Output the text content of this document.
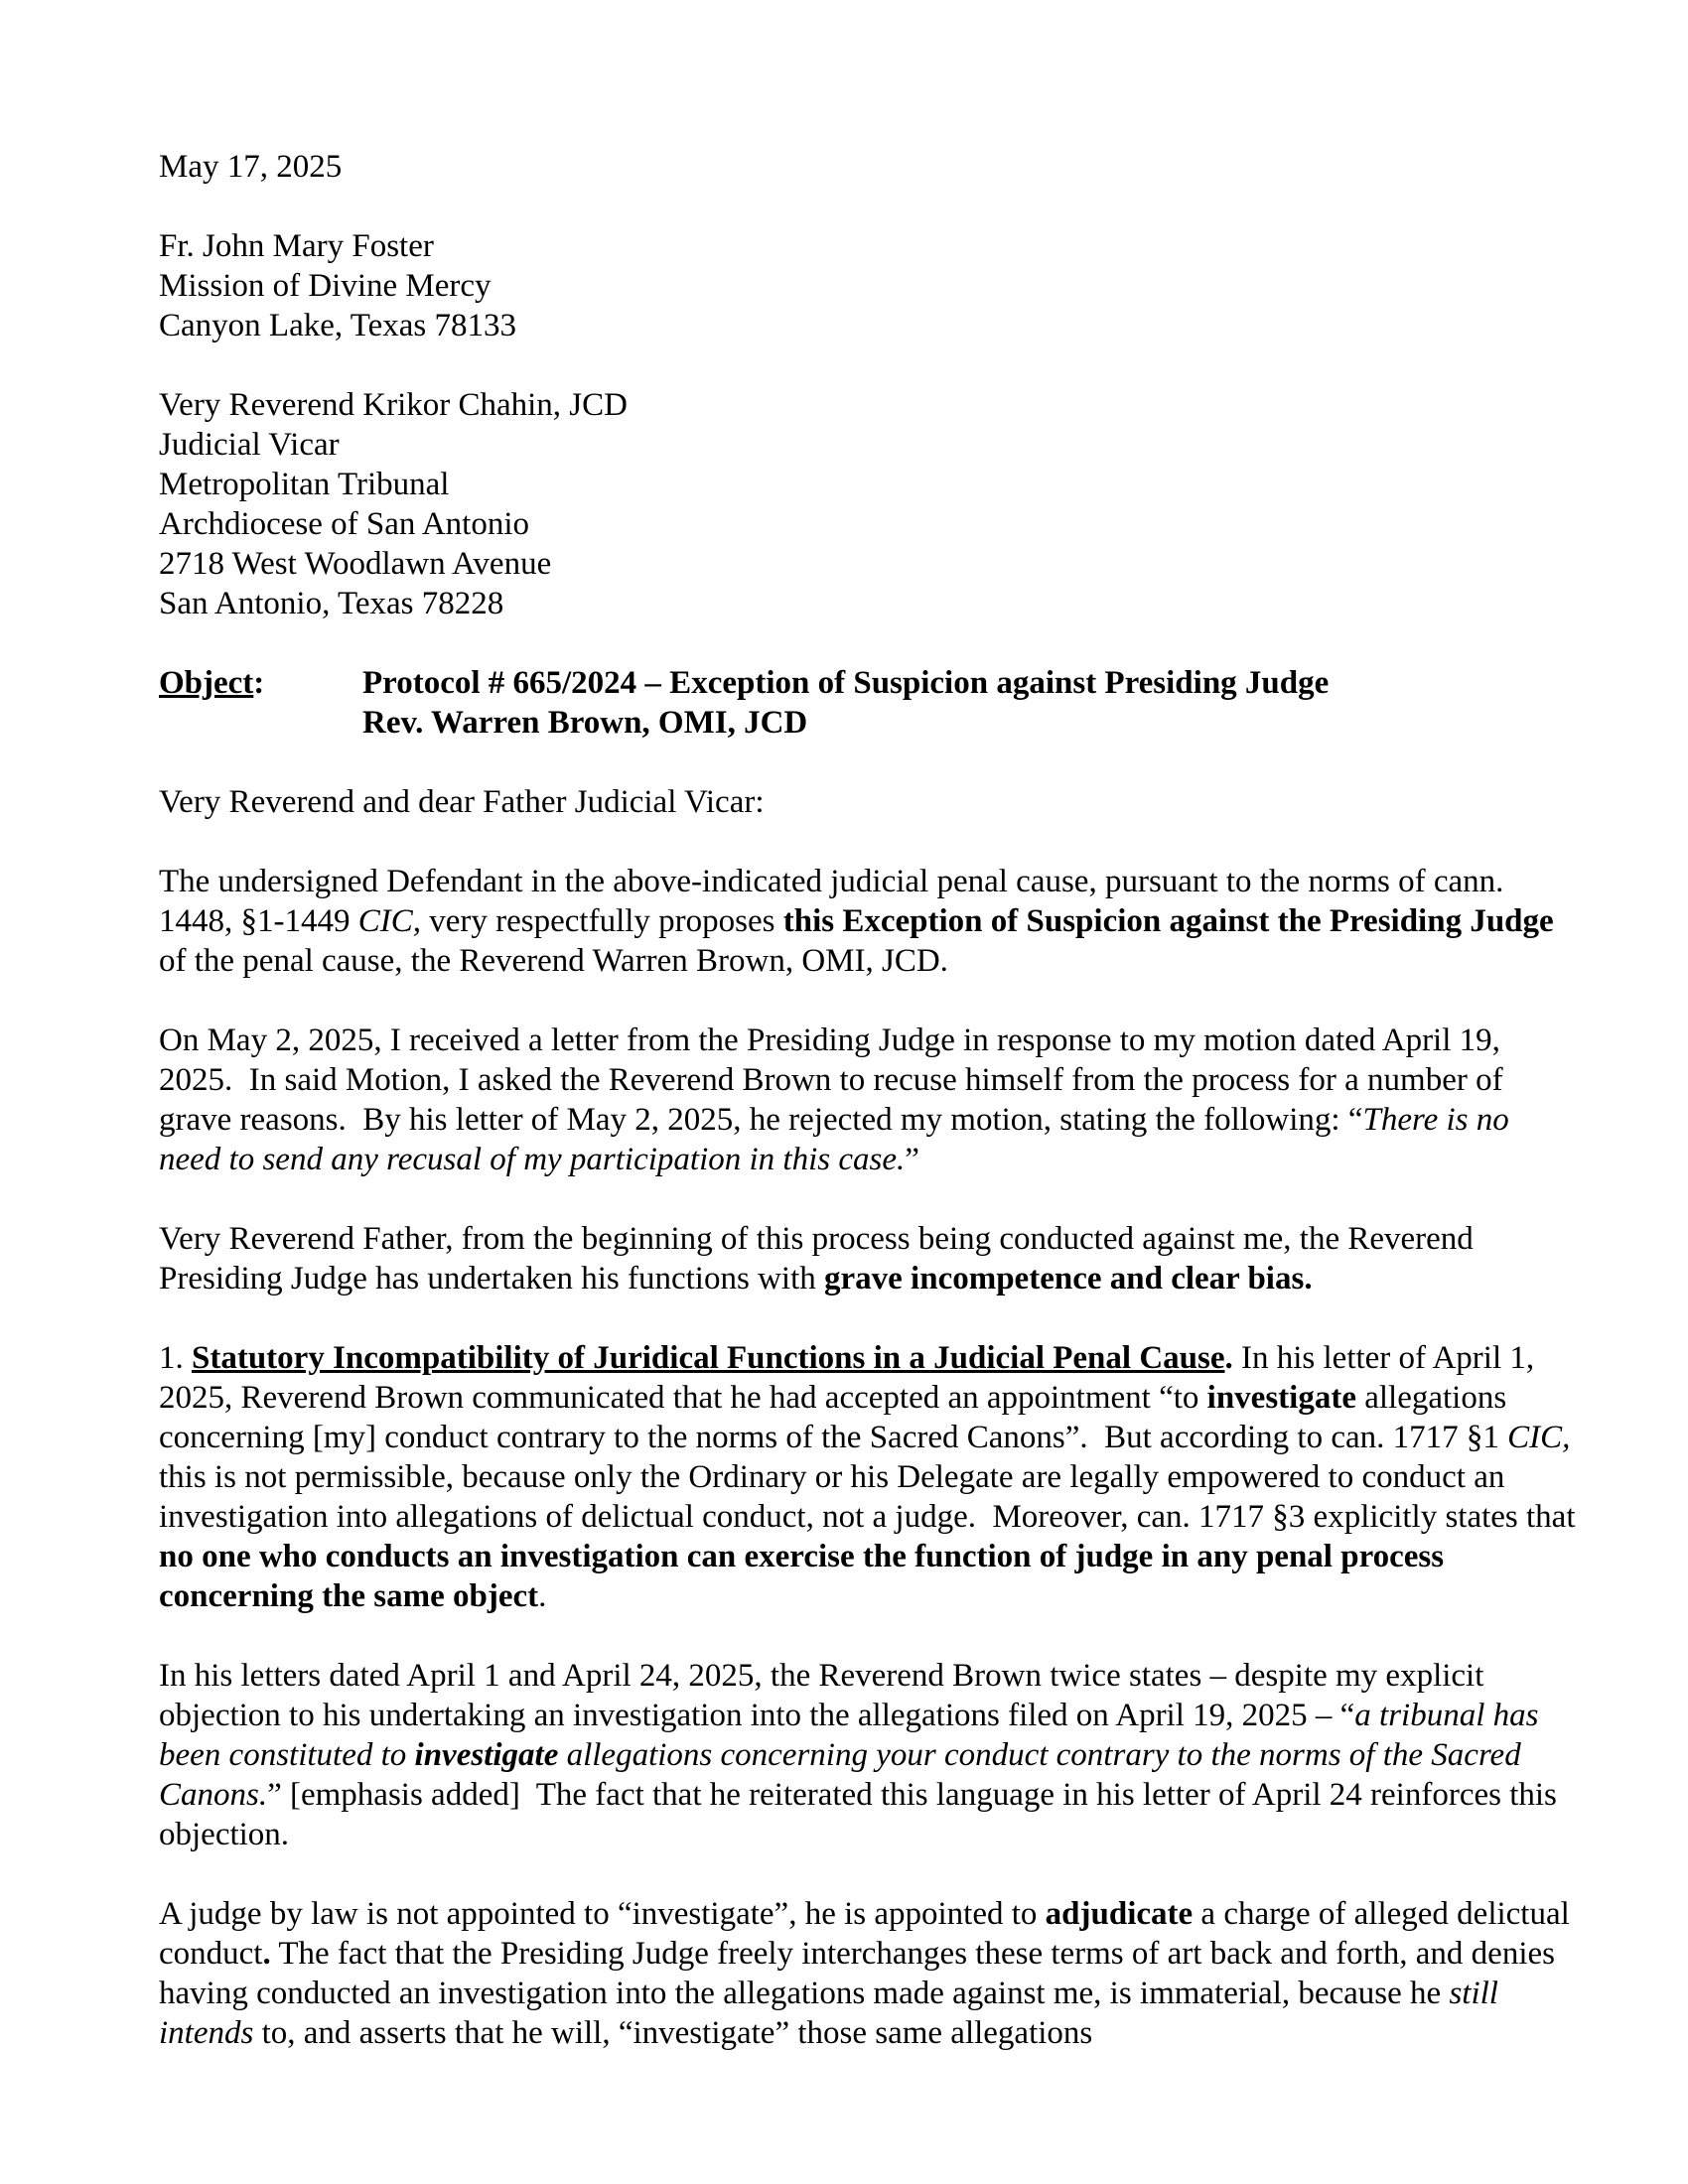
May 17, 2025
Fr. John Mary Foster
Mission of Divine Mercy
Canyon Lake, Texas 78133
Very Reverend Krikor Chahin, JCD
Judicial Vicar
Metropolitan Tribunal
Archdiocese of San Antonio
2718 West Woodlawn Avenue
San Antonio, Texas 78228
Object:	Protocol # 665/2024 – Exception of Suspicion against Presiding Judge
Rev. Warren Brown, OMI, JCD
Very Reverend and dear Father Judicial Vicar:

The undersigned Defendant in the above-indicated judicial penal cause, pursuant to the norms of cann. 1448, §1-1449 CIC, very respectfully proposes this Exception of Suspicion against the Presiding Judge of the penal cause, the Reverend Warren Brown, OMI, JCD.

On May 2, 2025, I received a letter from the Presiding Judge in response to my motion dated April 19, 2025.  In said Motion, I asked the Reverend Brown to recuse himself from the process for a number of grave reasons.  By his letter of May 2, 2025, he rejected my motion, stating the following: “There is no need to send any recusal of my participation in this case.”

Very Reverend Father, from the beginning of this process being conducted against me, the Reverend Presiding Judge has undertaken his functions with grave incompetence and clear bias.

1. Statutory Incompatibility of Juridical Functions in a Judicial Penal Cause. In his letter of April 1, 2025, Reverend Brown communicated that he had accepted an appointment “to investigate allegations concerning [my] conduct contrary to the norms of the Sacred Canons”.  But according to can. 1717 §1 CIC, this is not permissible, because only the Ordinary or his Delegate are legally empowered to conduct an investigation into allegations of delictual conduct, not a judge.  Moreover, can. 1717 §3 explicitly states that no one who conducts an investigation can exercise the function of judge in any penal process concerning the same object.

In his letters dated April 1 and April 24, 2025, the Reverend Brown twice states – despite my explicit objection to his undertaking an investigation into the allegations filed on April 19, 2025 – “a tribunal has been constituted to investigate allegations concerning your conduct contrary to the norms of the Sacred Canons.” [emphasis added]  The fact that he reiterated this language in his letter of April 24 reinforces this objection.

A judge by law is not appointed to “investigate”, he is appointed to adjudicate a charge of alleged delictual conduct. The fact that the Presiding Judge freely interchanges these terms of art back and forth, and denies having conducted an investigation into the allegations made against me, is immaterial, because he still intends to, and asserts that he will, “investigate” those same allegations
